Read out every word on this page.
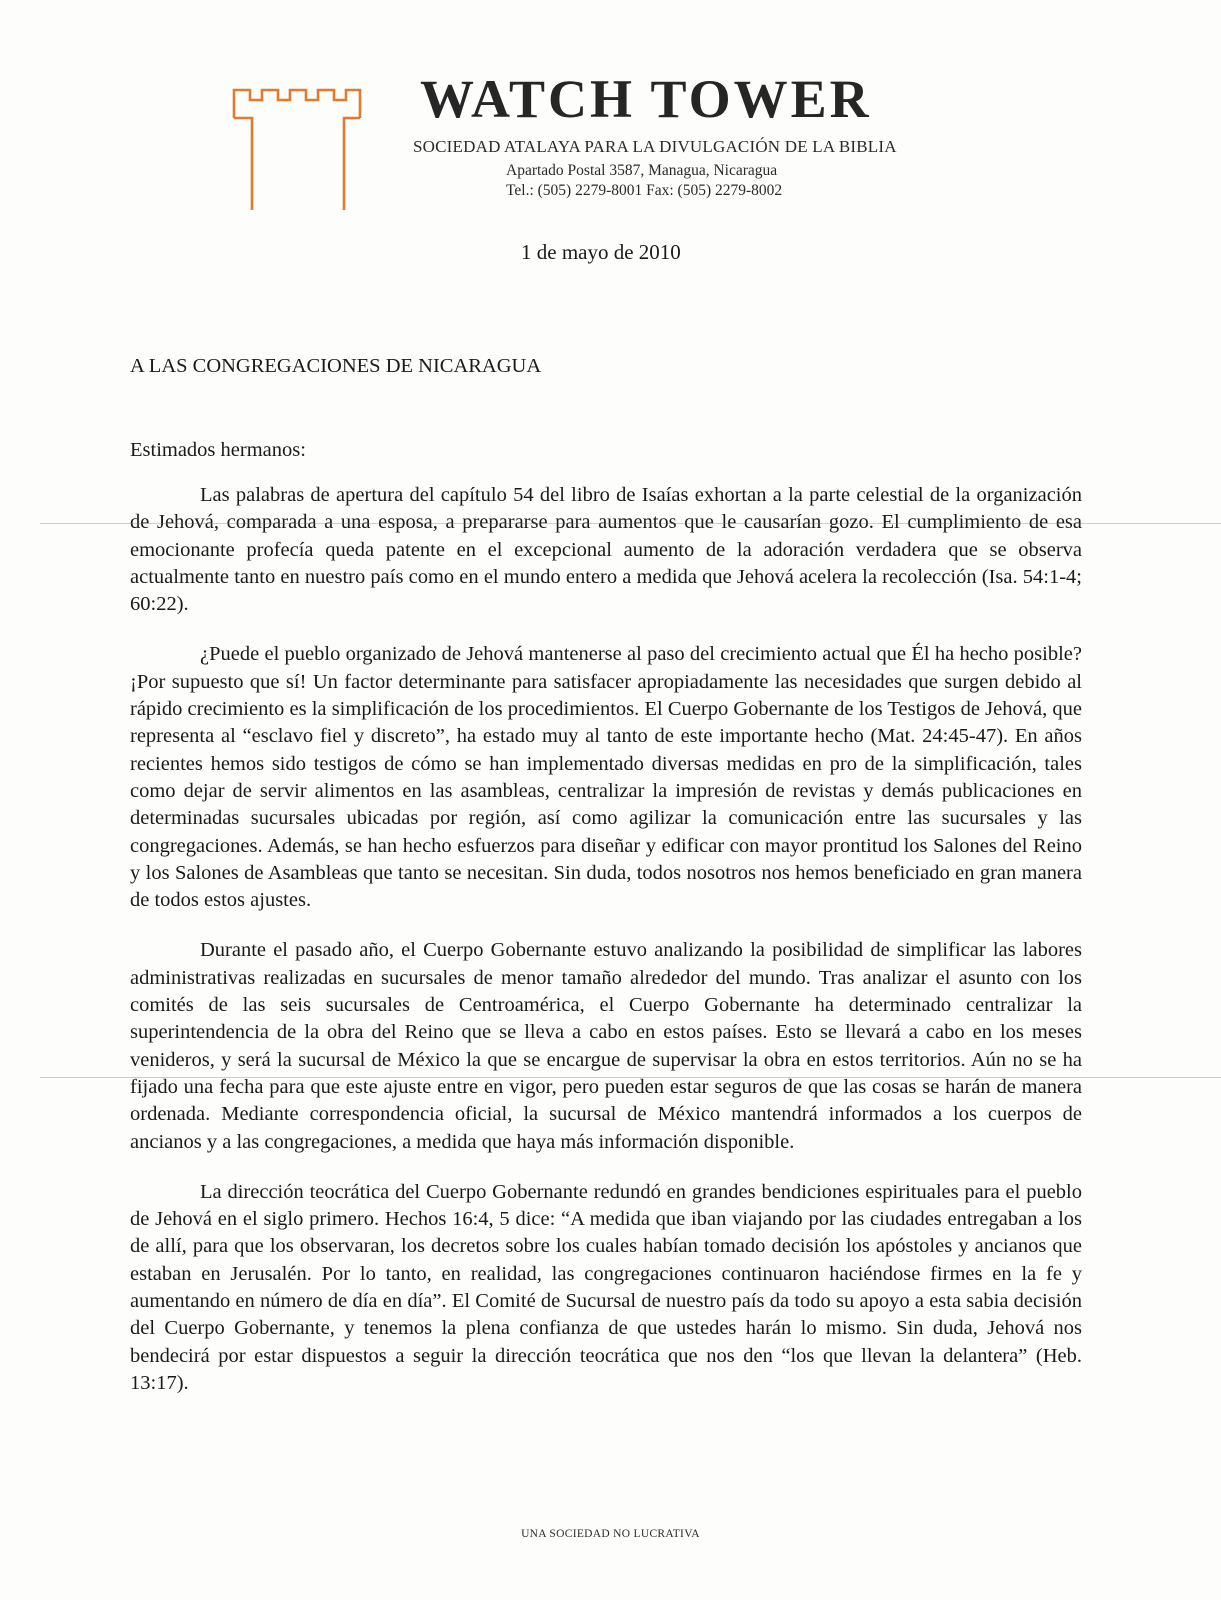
WATCH TOWER
SOCIEDAD ATALAYA PARA LA DIVULGACIÓN DE LA BIBLIA
Apartado Postal 3587, Managua, Nicaragua
Tel.: (505) 2279-8001 Fax: (505) 2279-8002
1 de mayo de 2010
A LAS CONGREGACIONES DE NICARAGUA
Estimados hermanos:

Las palabras de apertura del capítulo 54 del libro de Isaías exhortan a la parte celestial de la organización de Jehová, comparada a una esposa, a prepararse para aumentos que le causarían gozo. El cumplimiento de esa emocionante profecía queda patente en el excepcional aumento de la adoración verdadera que se observa actualmente tanto en nuestro país como en el mundo entero a medida que Jehová acelera la recolección (Isa. 54:1-4; 60:22).

¿Puede el pueblo organizado de Jehová mantenerse al paso del crecimiento actual que Él ha hecho posible? ¡Por supuesto que sí! Un factor determinante para satisfacer apropiadamente las necesidades que surgen debido al rápido crecimiento es la simplificación de los procedimientos. El Cuerpo Gobernante de los Testigos de Jehová, que representa al “esclavo fiel y discreto”, ha estado muy al tanto de este importante hecho (Mat. 24:45-47). En años recientes hemos sido testigos de cómo se han implementado diversas medidas en pro de la simplificación, tales como dejar de servir alimentos en las asambleas, centralizar la impresión de revistas y demás publicaciones en determinadas sucursales ubicadas por región, así como agilizar la comunicación entre las sucursales y las congregaciones. Además, se han hecho esfuerzos para diseñar y edificar con mayor prontitud los Salones del Reino y los Salones de Asambleas que tanto se necesitan. Sin duda, todos nosotros nos hemos beneficiado en gran manera de todos estos ajustes.

Durante el pasado año, el Cuerpo Gobernante estuvo analizando la posibilidad de simplificar las labores administrativas realizadas en sucursales de menor tamaño alrededor del mundo. Tras analizar el asunto con los comités de las seis sucursales de Centroamérica, el Cuerpo Gobernante ha determinado centralizar la superintendencia de la obra del Reino que se lleva a cabo en estos países. Esto se llevará a cabo en los meses venideros, y será la sucursal de México la que se encargue de supervisar la obra en estos territorios. Aún no se ha fijado una fecha para que este ajuste entre en vigor, pero pueden estar seguros de que las cosas se harán de manera ordenada. Mediante correspondencia oficial, la sucursal de México mantendrá informados a los cuerpos de ancianos y a las congregaciones, a medida que haya más información disponible.

La dirección teocrática del Cuerpo Gobernante redundó en grandes bendiciones espirituales para el pueblo de Jehová en el siglo primero. Hechos 16:4, 5 dice: “A medida que iban viajando por las ciudades entregaban a los de allí, para que los observaran, los decretos sobre los cuales habían tomado decisión los apóstoles y ancianos que estaban en Jerusalén. Por lo tanto, en realidad, las congregaciones continuaron haciéndose firmes en la fe y aumentando en número de día en día”. El Comité de Sucursal de nuestro país da todo su apoyo a esta sabia decisión del Cuerpo Gobernante, y tenemos la plena confianza de que ustedes harán lo mismo. Sin duda, Jehová nos bendecirá por estar dispuestos a seguir la dirección teocrática que nos den “los que llevan la delantera” (Heb. 13:17).

UNA SOCIEDAD NO LUCRATIVA
